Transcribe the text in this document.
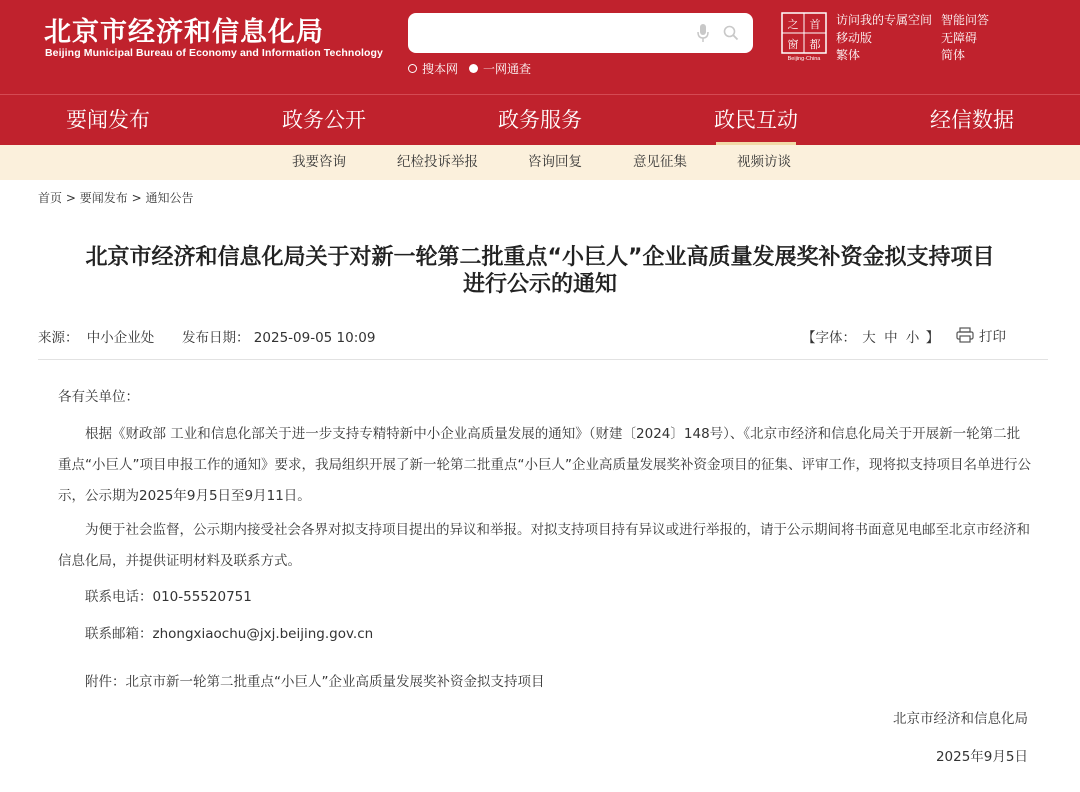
北京市经济和信息化局
Beijing Municipal Bureau of Economy and Information Technology
搜本网 一网通查
之 首
窗 都
Beijing·China
访问我的专属空间
移动版
繁体
智能问答
无障碍
简体
要闻发布	政务公开	政务服务	政民互动	经信数据
我要咨询	纪检投诉举报	咨询回复	意见征集	视频访谈
首页 > 要闻发布 > 通知公告
北京市经济和信息化局关于对新一轮第二批重点“小巨人”企业高质量发展奖补资金拟支持项目
进行公示的通知
来源： 中小企业处 发布日期： 2025-09-05 10:09	【字体： 大 中 小 】	打印
各有关单位：
根据《财政部 工业和信息化部关于进一步支持专精特新中小企业高质量发展的通知》（财建〔2024〕148号）、《北京市经济和信息化局关于开展新一轮第二批重点“小巨人”项目申报工作的通知》要求，我局组织开展了新一轮第二批重点“小巨人”企业高质量发展奖补资金项目的征集、评审工作，现将拟支持项目名单进行公示，公示期为2025年9月5日至9月11日。
为便于社会监督，公示期内接受社会各界对拟支持项目提出的异议和举报。对拟支持项目持有异议或进行举报的，请于公示期间将书面意见电邮至北京市经济和信息化局，并提供证明材料及联系方式。
联系电话：010-55520751
联系邮箱：zhongxiaochu@jxj.beijing.gov.cn
附件：北京市新一轮第二批重点“小巨人”企业高质量发展奖补资金拟支持项目
北京市经济和信息化局
2025年9月5日
